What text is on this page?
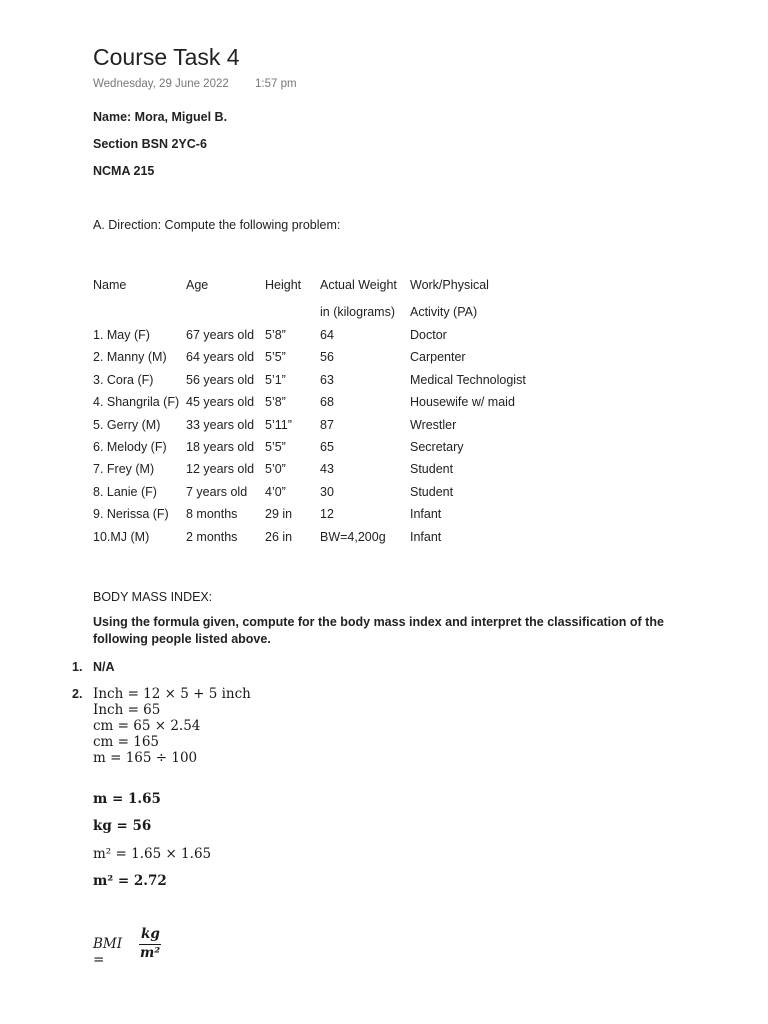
Course Task 4
Wednesday, 29 June 2022 1:57 pm
Name: Mora, Miguel B.
Section BSN 2YC-6
NCMA 215
A. Direction: Compute the following problem:
Name	Age	Height Actual Weight Work/Physical
in (kilograms) Activity (PA)
1. May (F)	67 years old 5’8”	64	Doctor
2. Manny (M) 64 years old 5’5”	56	Carpenter
3. Cora (F)	56 years old 5’1”	63	Medical Technologist
4. Shangrila (F) 45 years old 5’8”	68	Housewife w/ maid
5. Gerry (M) 33 years old 5’11” 87	Wrestler
6. Melody (F) 18 years old 5’5”	65	Secretary
7. Frey (M)	12 years old 5’0”	43	Student
8. Lanie (F) 7 years old 4’0”	30	Student
9. Nerissa (F) 8 months 29 in 12	Infant
10.MJ (M)	2 months 26 in BW=4,200g Infant
BODY MASS INDEX:
Using the formula given, compute for the body mass index and interpret the classification of the following people listed above.
1. N/A
2. Inch = 12 × 5 + 5 inch
Inch = 65
cm = 65 × 2.54
cm = 165
m = 165 ÷ 100
m = 1.65
kg = 56
m² = 1.65 × 1.65
m² = 2.72
BMI =
kg
m²
